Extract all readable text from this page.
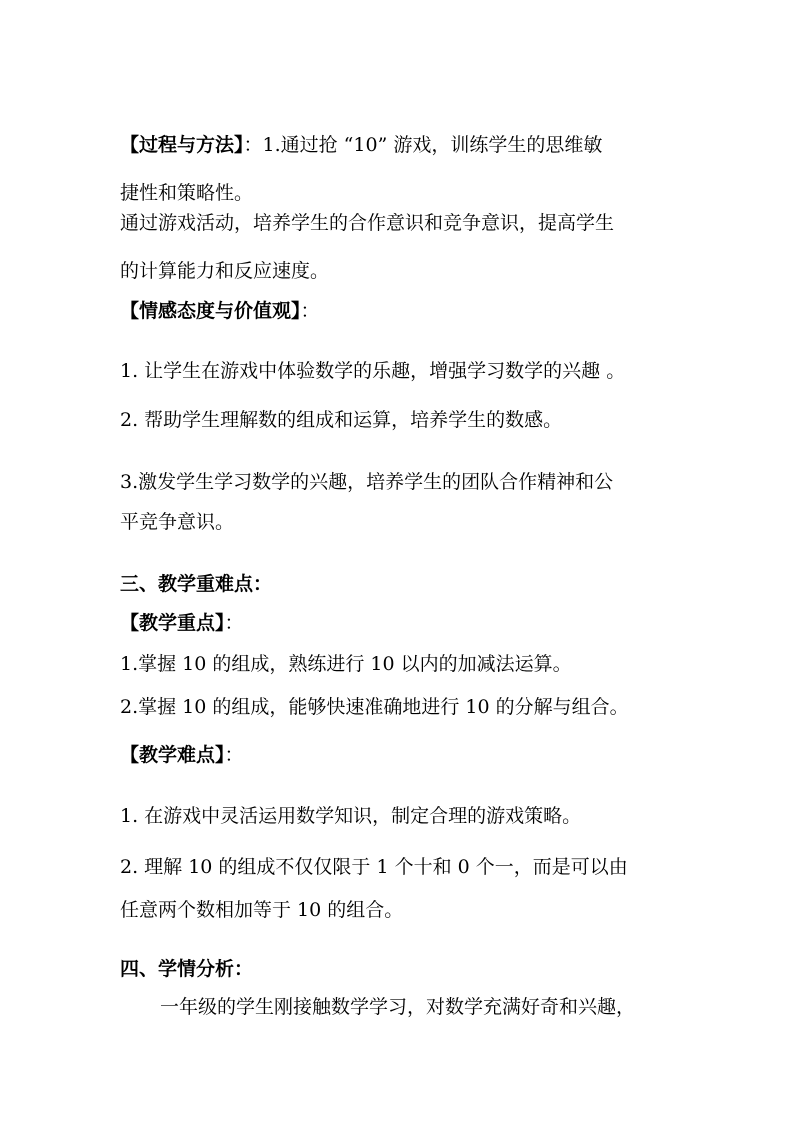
【过程与方法】：1.通过抢 “10” 游戏，训练学生的思维敏
捷性和策略性。
通过游戏活动，培养学生的合作意识和竞争意识，提高学生
的计算能力和反应速度。
【情感态度与价值观】：
1. 让学生在游戏中体验数学的乐趣，增强学习数学的兴趣 。
2. 帮助学生理解数的组成和运算，培养学生的数感。
3.激发学生学习数学的兴趣，培养学生的团队合作精神和公
平竞争意识。
三、教学重难点：
【教学重点】：
1.掌握 10 的组成，熟练进行 10 以内的加减法运算。
2.掌握 10 的组成，能够快速准确地进行 10 的分解与组合。
【教学难点】：
1. 在游戏中灵活运用数学知识，制定合理的游戏策略。
2. 理解 10 的组成不仅仅限于 1 个十和 0 个一，而是可以由
任意两个数相加等于 10 的组合。
四、学情分析：
一年级的学生刚接触数学学习，对数学充满好奇和兴趣，
